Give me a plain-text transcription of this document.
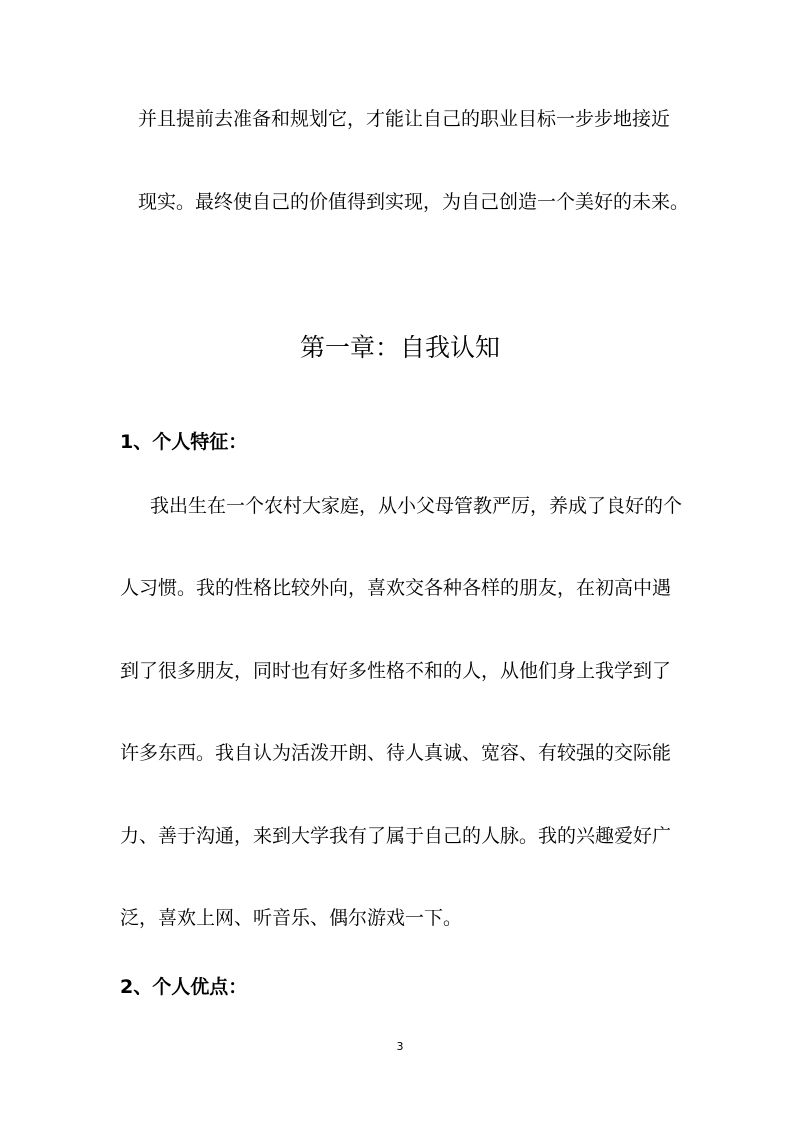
并且提前去准备和规划它，才能让自己的职业目标一步步地接近
现实。最终使自己的价值得到实现，为自己创造一个美好的未来。
第一章：自我认知
1、个人特征：
我出生在一个农村大家庭，从小父母管教严厉，养成了良好的个
人习惯。我的性格比较外向，喜欢交各种各样的朋友，在初高中遇
到了很多朋友，同时也有好多性格不和的人，从他们身上我学到了
许多东西。我自认为活泼开朗、待人真诚、宽容、有较强的交际能
力、善于沟通，来到大学我有了属于自己的人脉。我的兴趣爱好广
泛，喜欢上网、听音乐、偶尔游戏一下。
2、个人优点：
3
